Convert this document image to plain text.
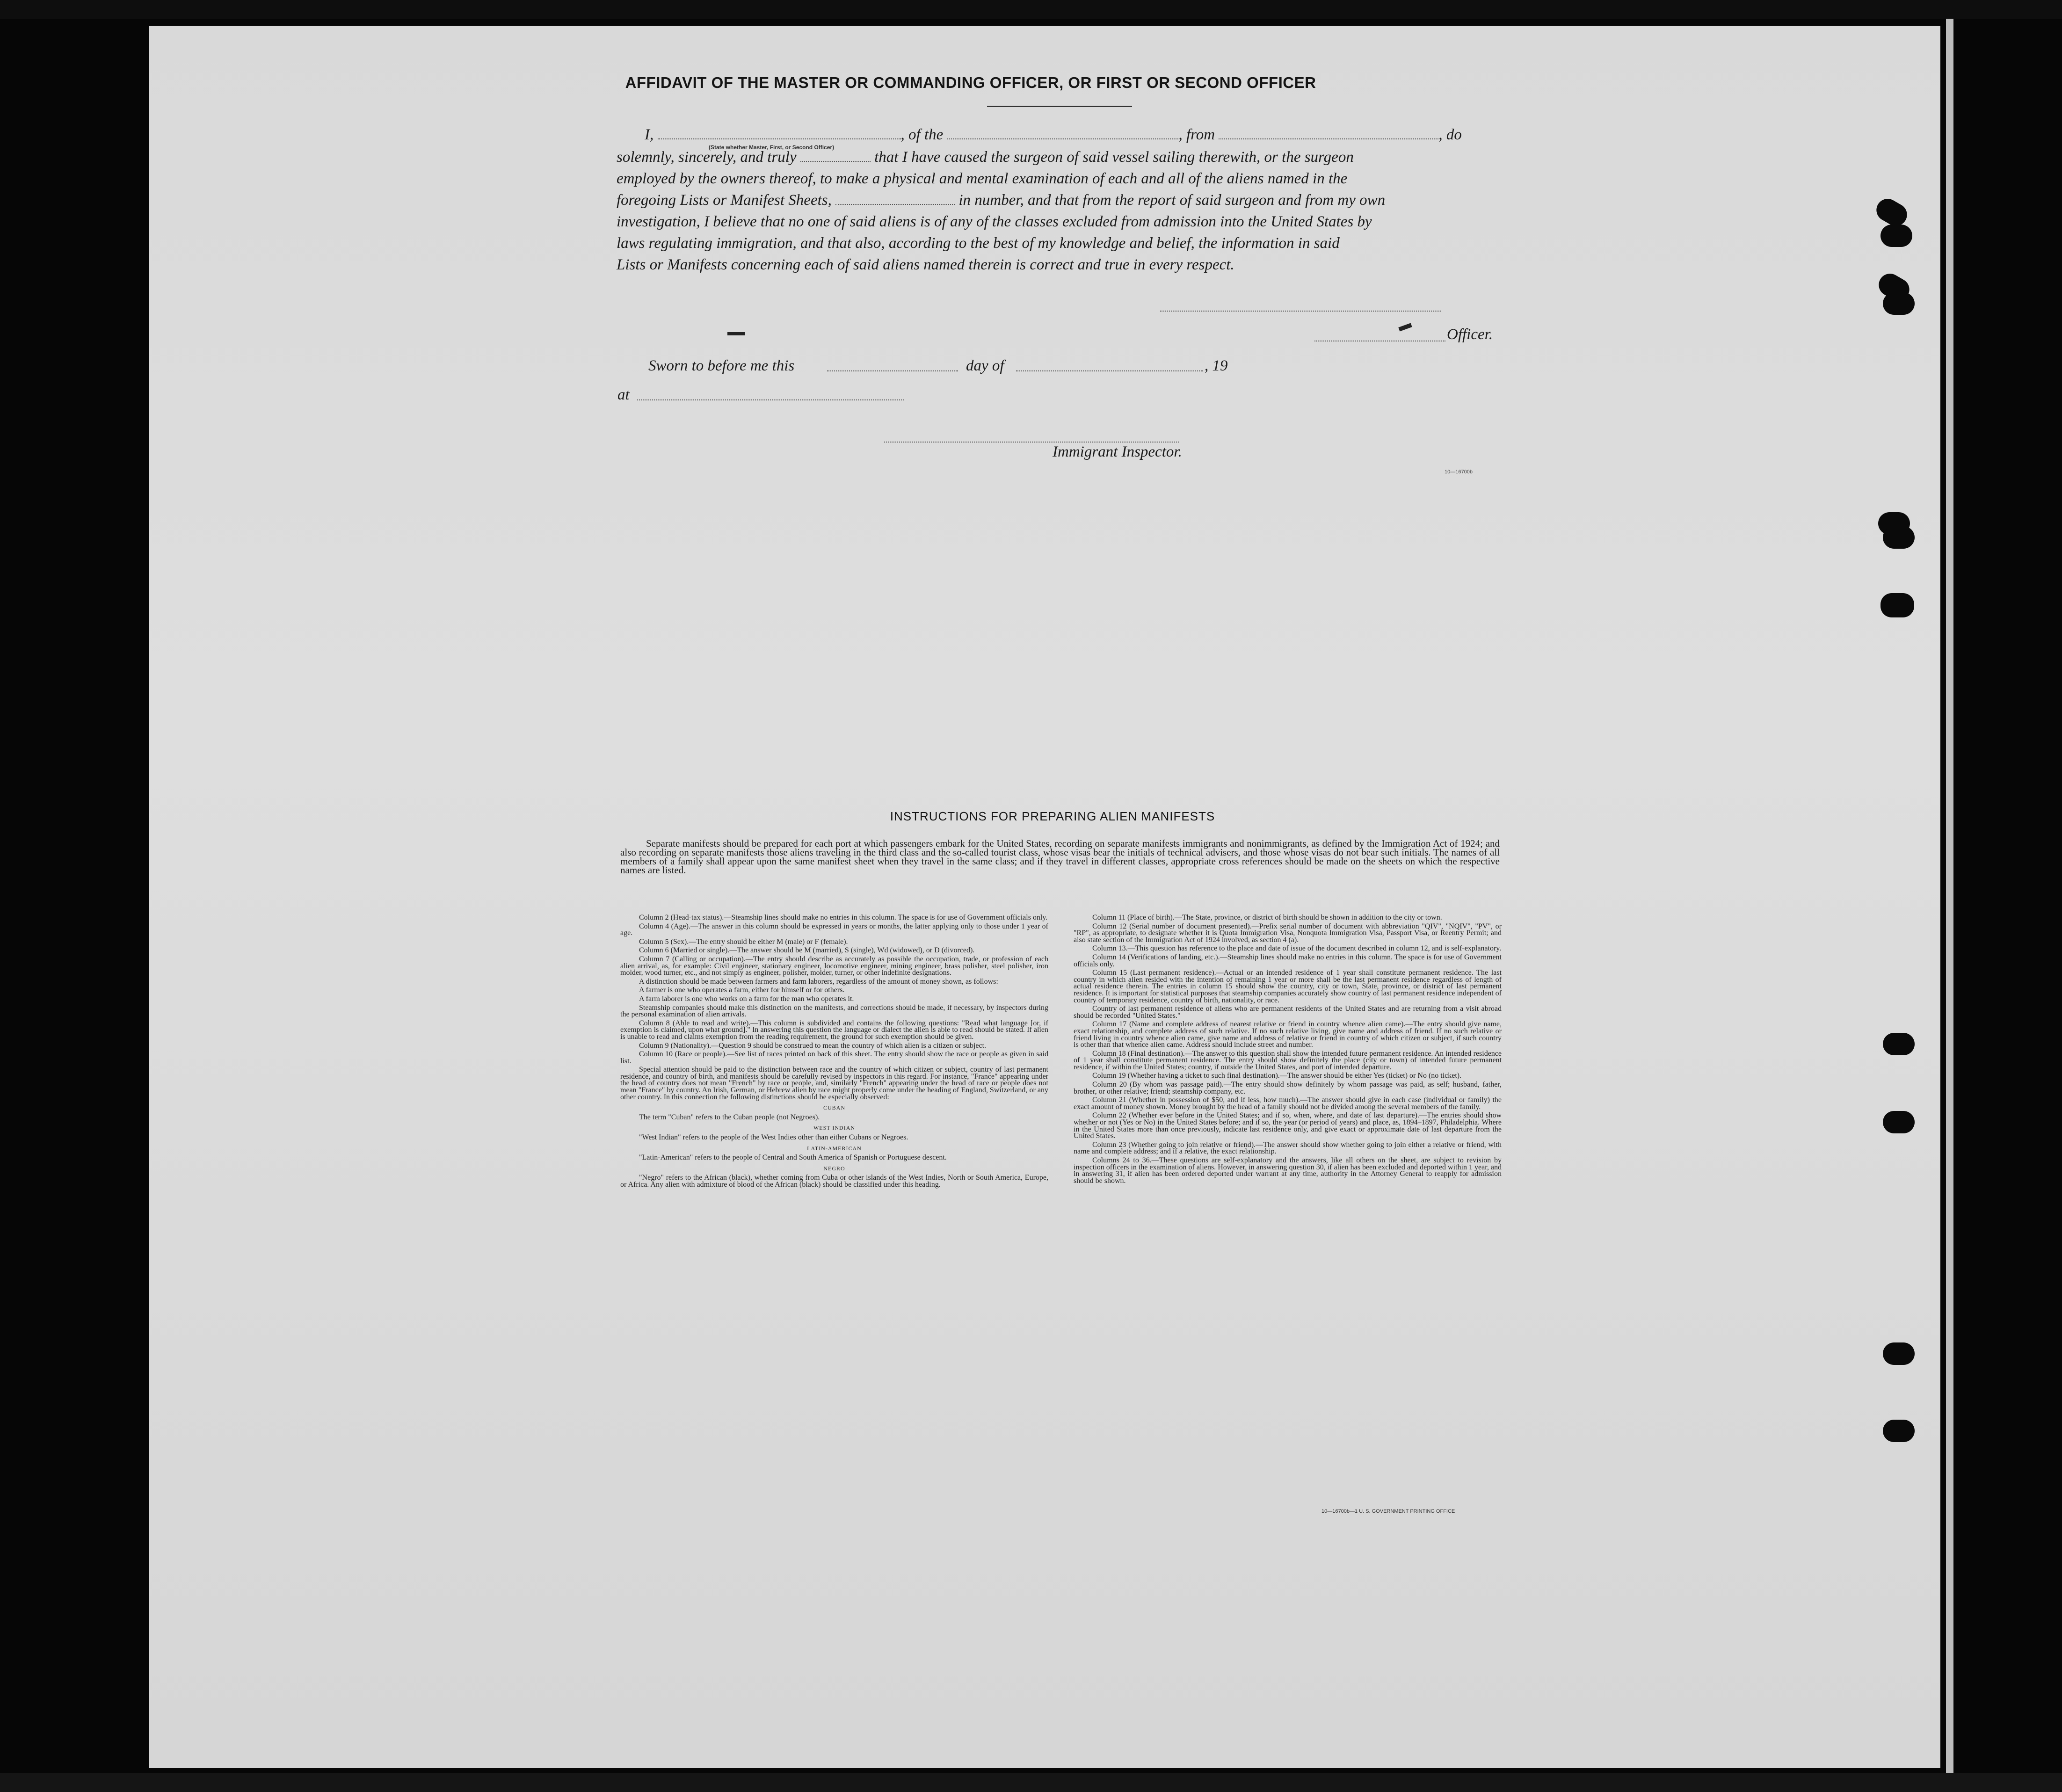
AFFIDAVIT OF THE MASTER OR COMMANDING OFFICER, OR FIRST OR SECOND OFFICER
I,	, of the	, from	, do
(State whether Master, First, or Second Officer)
solemnly, sincerely, and truly	that I have caused the surgeon of said vessel sailing therewith, or the surgeon
employed by the owners thereof, to make a physical and mental examination of each and all of the aliens named in the
foregoing Lists or Manifest Sheets,	in number, and that from the report of said surgeon and from my own
investigation, I believe that no one of said aliens is of any of the classes excluded from admission into the United States by
laws regulating immigration, and that also, according to the best of my knowledge and belief, the information in said
Lists or Manifests concerning each of said aliens named therein is correct and true in every respect.
Officer.
Sworn to before me this	day of	, 19
at
Immigrant Inspector.
10—16700b
INSTRUCTIONS FOR PREPARING ALIEN MANIFESTS
Separate manifests should be prepared for each port at which passengers embark for the United States, recording on separate manifests immigrants and nonimmigrants, as defined by the Immigration Act of 1924; and also recording on separate manifests those aliens traveling in the third class and the so-called tourist class, whose visas bear the initials of technical advisers, and those whose visas do not bear such initials. The names of all members of a family shall appear upon the same manifest sheet when they travel in the same class; and if they travel in different classes, appropriate cross references should be made on the sheets on which the respective names are listed.

Column 2 (Head-tax status).—Steamship lines should make no entries in this column. The space is for use of Government officials only.

Column 4 (Age).—The answer in this column should be expressed in years or months, the latter applying only to those under 1 year of age.

Column 5 (Sex).—The entry should be either M (male) or F (female).

Column 6 (Married or single).—The answer should be M (married), S (single), Wd (widowed), or D (divorced).

Column 7 (Calling or occupation).—The entry should describe as accurately as possible the occupation, trade, or profession of each alien arrival, as, for example: Civil engineer, stationary engineer, locomotive engineer, mining engineer, brass polisher, steel polisher, iron molder, wood turner, etc., and not simply as engineer, polisher, molder, turner, or other indefinite designations.

A distinction should be made between farmers and farm laborers, regardless of the amount of money shown, as follows:

A farmer is one who operates a farm, either for himself or for others.

A farm laborer is one who works on a farm for the man who operates it.

Steamship companies should make this distinction on the manifests, and corrections should be made, if necessary, by inspectors during the personal examination of alien arrivals.

Column 8 (Able to read and write).—This column is subdivided and contains the following questions: "Read what language [or, if exemption is claimed, upon what ground]." In answering this question the language or dialect the alien is able to read should be stated. If alien is unable to read and claims exemption from the reading requirement, the ground for such exemption should be given.

Column 9 (Nationality).—Question 9 should be construed to mean the country of which alien is a citizen or subject.

Column 10 (Race or people).—See list of races printed on back of this sheet. The entry should show the race or people as given in said list.

Special attention should be paid to the distinction between race and the country of which citizen or subject, country of last permanent residence, and country of birth, and manifests should be carefully revised by inspectors in this regard. For instance, "France" appearing under the head of country does not mean "French" by race or people, and, similarly "French" appearing under the head of race or people does not mean "France" by country. An Irish, German, or Hebrew alien by race might properly come under the heading of England, Switzerland, or any other country. In this connection the following distinctions should be especially observed:

CUBAN

The term "Cuban" refers to the Cuban people (not Negroes).

WEST INDIAN

"West Indian" refers to the people of the West Indies other than either Cubans or Negroes.

LATIN-AMERICAN

"Latin-American" refers to the people of Central and South America of Spanish or Portuguese descent.

NEGRO

"Negro" refers to the African (black), whether coming from Cuba or other islands of the West Indies, North or South America, Europe, or Africa. Any alien with admixture of blood of the African (black) should be classified under this heading.

Column 11 (Place of birth).—The State, province, or district of birth should be shown in addition to the city or town.

Column 12 (Serial number of document presented).—Prefix serial number of document with abbreviation "QIV", "NQIV", "PV", or "RP", as appropriate, to designate whether it is Quota Immigration Visa, Nonquota Immigration Visa, Passport Visa, or Reentry Permit; and also state section of the Immigration Act of 1924 involved, as section 4 (a).

Column 13.—This question has reference to the place and date of issue of the document described in column 12, and is self-explanatory.

Column 14 (Verifications of landing, etc.).—Steamship lines should make no entries in this column. The space is for use of Government officials only.

Column 15 (Last permanent residence).—Actual or an intended residence of 1 year shall constitute permanent residence. The last country in which alien resided with the intention of remaining 1 year or more shall be the last permanent residence regardless of length of actual residence therein. The entries in column 15 should show the country, city or town, State, province, or district of last permanent residence. It is important for statistical purposes that steamship companies accurately show country of last permanent residence independent of country of temporary residence, country of birth, nationality, or race.

Country of last permanent residence of aliens who are permanent residents of the United States and are returning from a visit abroad should be recorded "United States."

Column 17 (Name and complete address of nearest relative or friend in country whence alien came).—The entry should give name, exact relationship, and complete address of such relative. If no such relative living, give name and address of friend. If no such relative or friend living in country whence alien came, give name and address of relative or friend in country of which citizen or subject, if such country is other than that whence alien came. Address should include street and number.

Column 18 (Final destination).—The answer to this question shall show the intended future permanent residence. An intended residence of 1 year shall constitute permanent residence. The entry should show definitely the place (city or town) of intended future permanent residence, if within the United States; country, if outside the United States, and port of intended departure.

Column 19 (Whether having a ticket to such final destination).—The answer should be either Yes (ticket) or No (no ticket).

Column 20 (By whom was passage paid).—The entry should show definitely by whom passage was paid, as self; husband, father, brother, or other relative; friend; steamship company, etc.

Column 21 (Whether in possession of $50, and if less, how much).—The answer should give in each case (individual or family) the exact amount of money shown. Money brought by the head of a family should not be divided among the several members of the family.

Column 22 (Whether ever before in the United States; and if so, when, where, and date of last departure).—The entries should show whether or not (Yes or No) in the United States before; and if so, the year (or period of years) and place, as, 1894–1897, Philadelphia. Where in the United States more than once previously, indicate last residence only, and give exact or approximate date of last departure from the United States.

Column 23 (Whether going to join relative or friend).—The answer should show whether going to join either a relative or friend, with name and complete address; and if a relative, the exact relationship.

Columns 24 to 36.—These questions are self-explanatory and the answers, like all others on the sheet, are subject to revision by inspection officers in the examination of aliens. However, in answering question 30, if alien has been excluded and deported within 1 year, and in answering 31, if alien has been ordered deported under warrant at any time, authority in the Attorney General to reapply for admission should be shown.

10—16700b—1 U. S. GOVERNMENT PRINTING OFFICE
